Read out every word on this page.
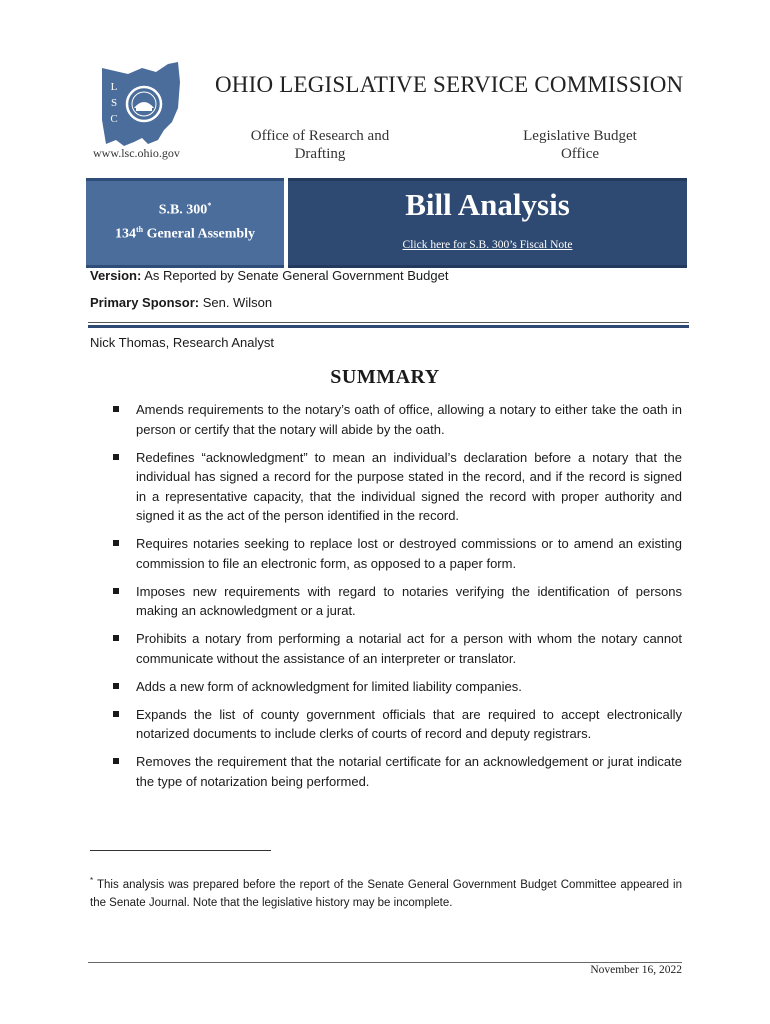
L
S
C
OHIO LEGISLATIVE SERVICE COMMISSION
www.lsc.ohio.gov
Office of Research and Drafting
Legislative Budget Office
S.B. 300*
134th General Assembly
Bill Analysis
Click here for S.B. 300’s Fiscal Note
Version: As Reported by Senate General Government Budget
Primary Sponsor: Sen. Wilson
Nick Thomas, Research Analyst
SUMMARY
Amends requirements to the notary’s oath of office, allowing a notary to either take the oath in person or certify that the notary will abide by the oath.
Redefines “acknowledgment” to mean an individual’s declaration before a notary that the individual has signed a record for the purpose stated in the record, and if the record is signed in a representative capacity, that the individual signed the record with proper authority and signed it as the act of the person identified in the record.
Requires notaries seeking to replace lost or destroyed commissions or to amend an existing commission to file an electronic form, as opposed to a paper form.
Imposes new requirements with regard to notaries verifying the identification of persons making an acknowledgment or a jurat.
Prohibits a notary from performing a notarial act for a person with whom the notary cannot communicate without the assistance of an interpreter or translator.
Adds a new form of acknowledgment for limited liability companies.
Expands the list of county government officials that are required to accept electronically notarized documents to include clerks of courts of record and deputy registrars.
Removes the requirement that the notarial certificate for an acknowledgement or jurat indicate the type of notarization being performed.
* This analysis was prepared before the report of the Senate General Government Budget Committee appeared in the Senate Journal. Note that the legislative history may be incomplete.
November 16, 2022
